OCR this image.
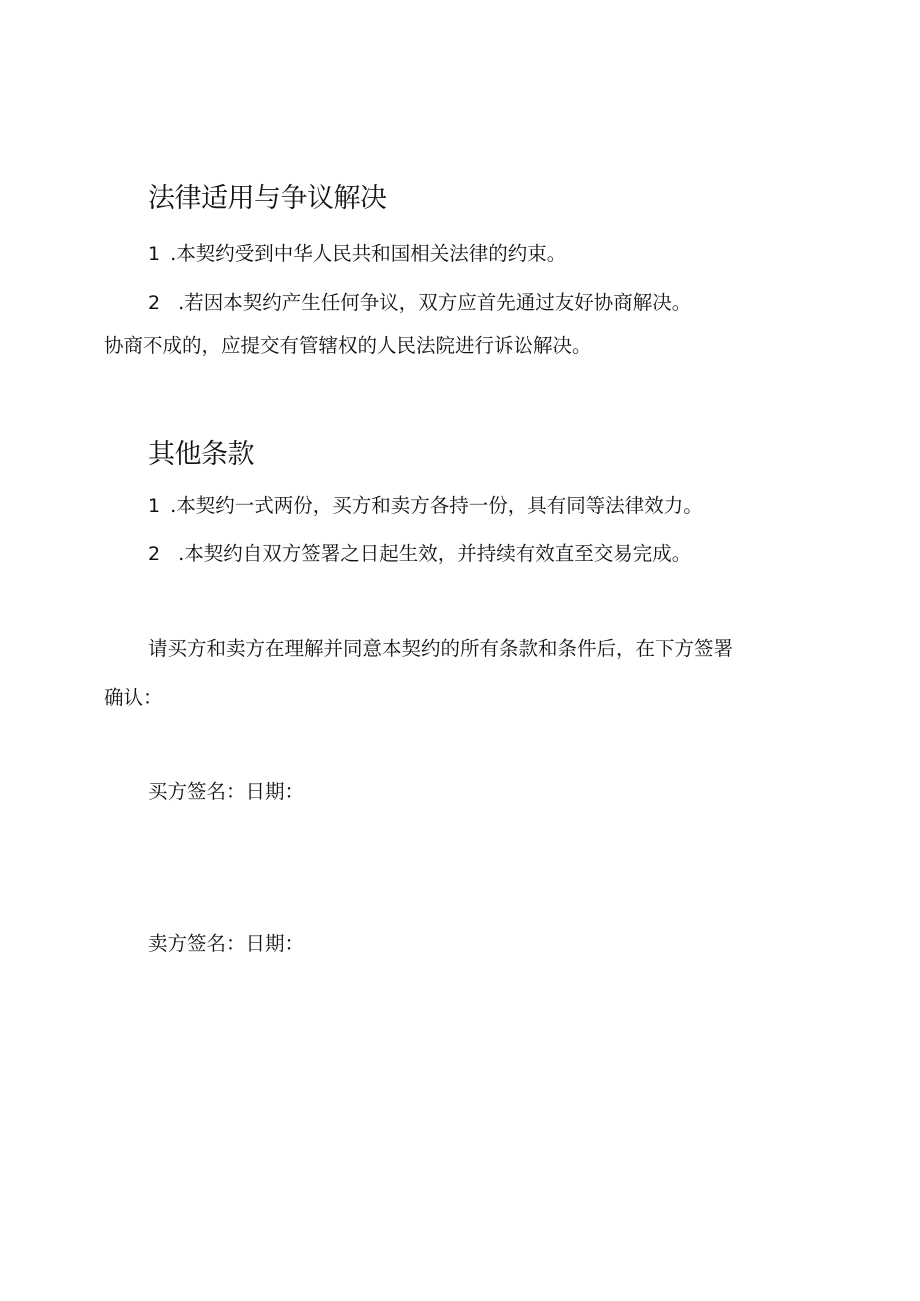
法律适用与争议解决

1 .本契约受到中华人民共和国相关法律的约束。

2 .若因本契约产生任何争议，双方应首先通过友好协商解决。

协商不成的，应提交有管辖权的人民法院进行诉讼解决。

其他条款

1 .本契约一式两份，买方和卖方各持一份，具有同等法律效力。

2 .本契约自双方签署之日起生效，并持续有效直至交易完成。

请买方和卖方在理解并同意本契约的所有条款和条件后，在下方签署

确认：

买方签名：日期：

卖方签名：日期：
